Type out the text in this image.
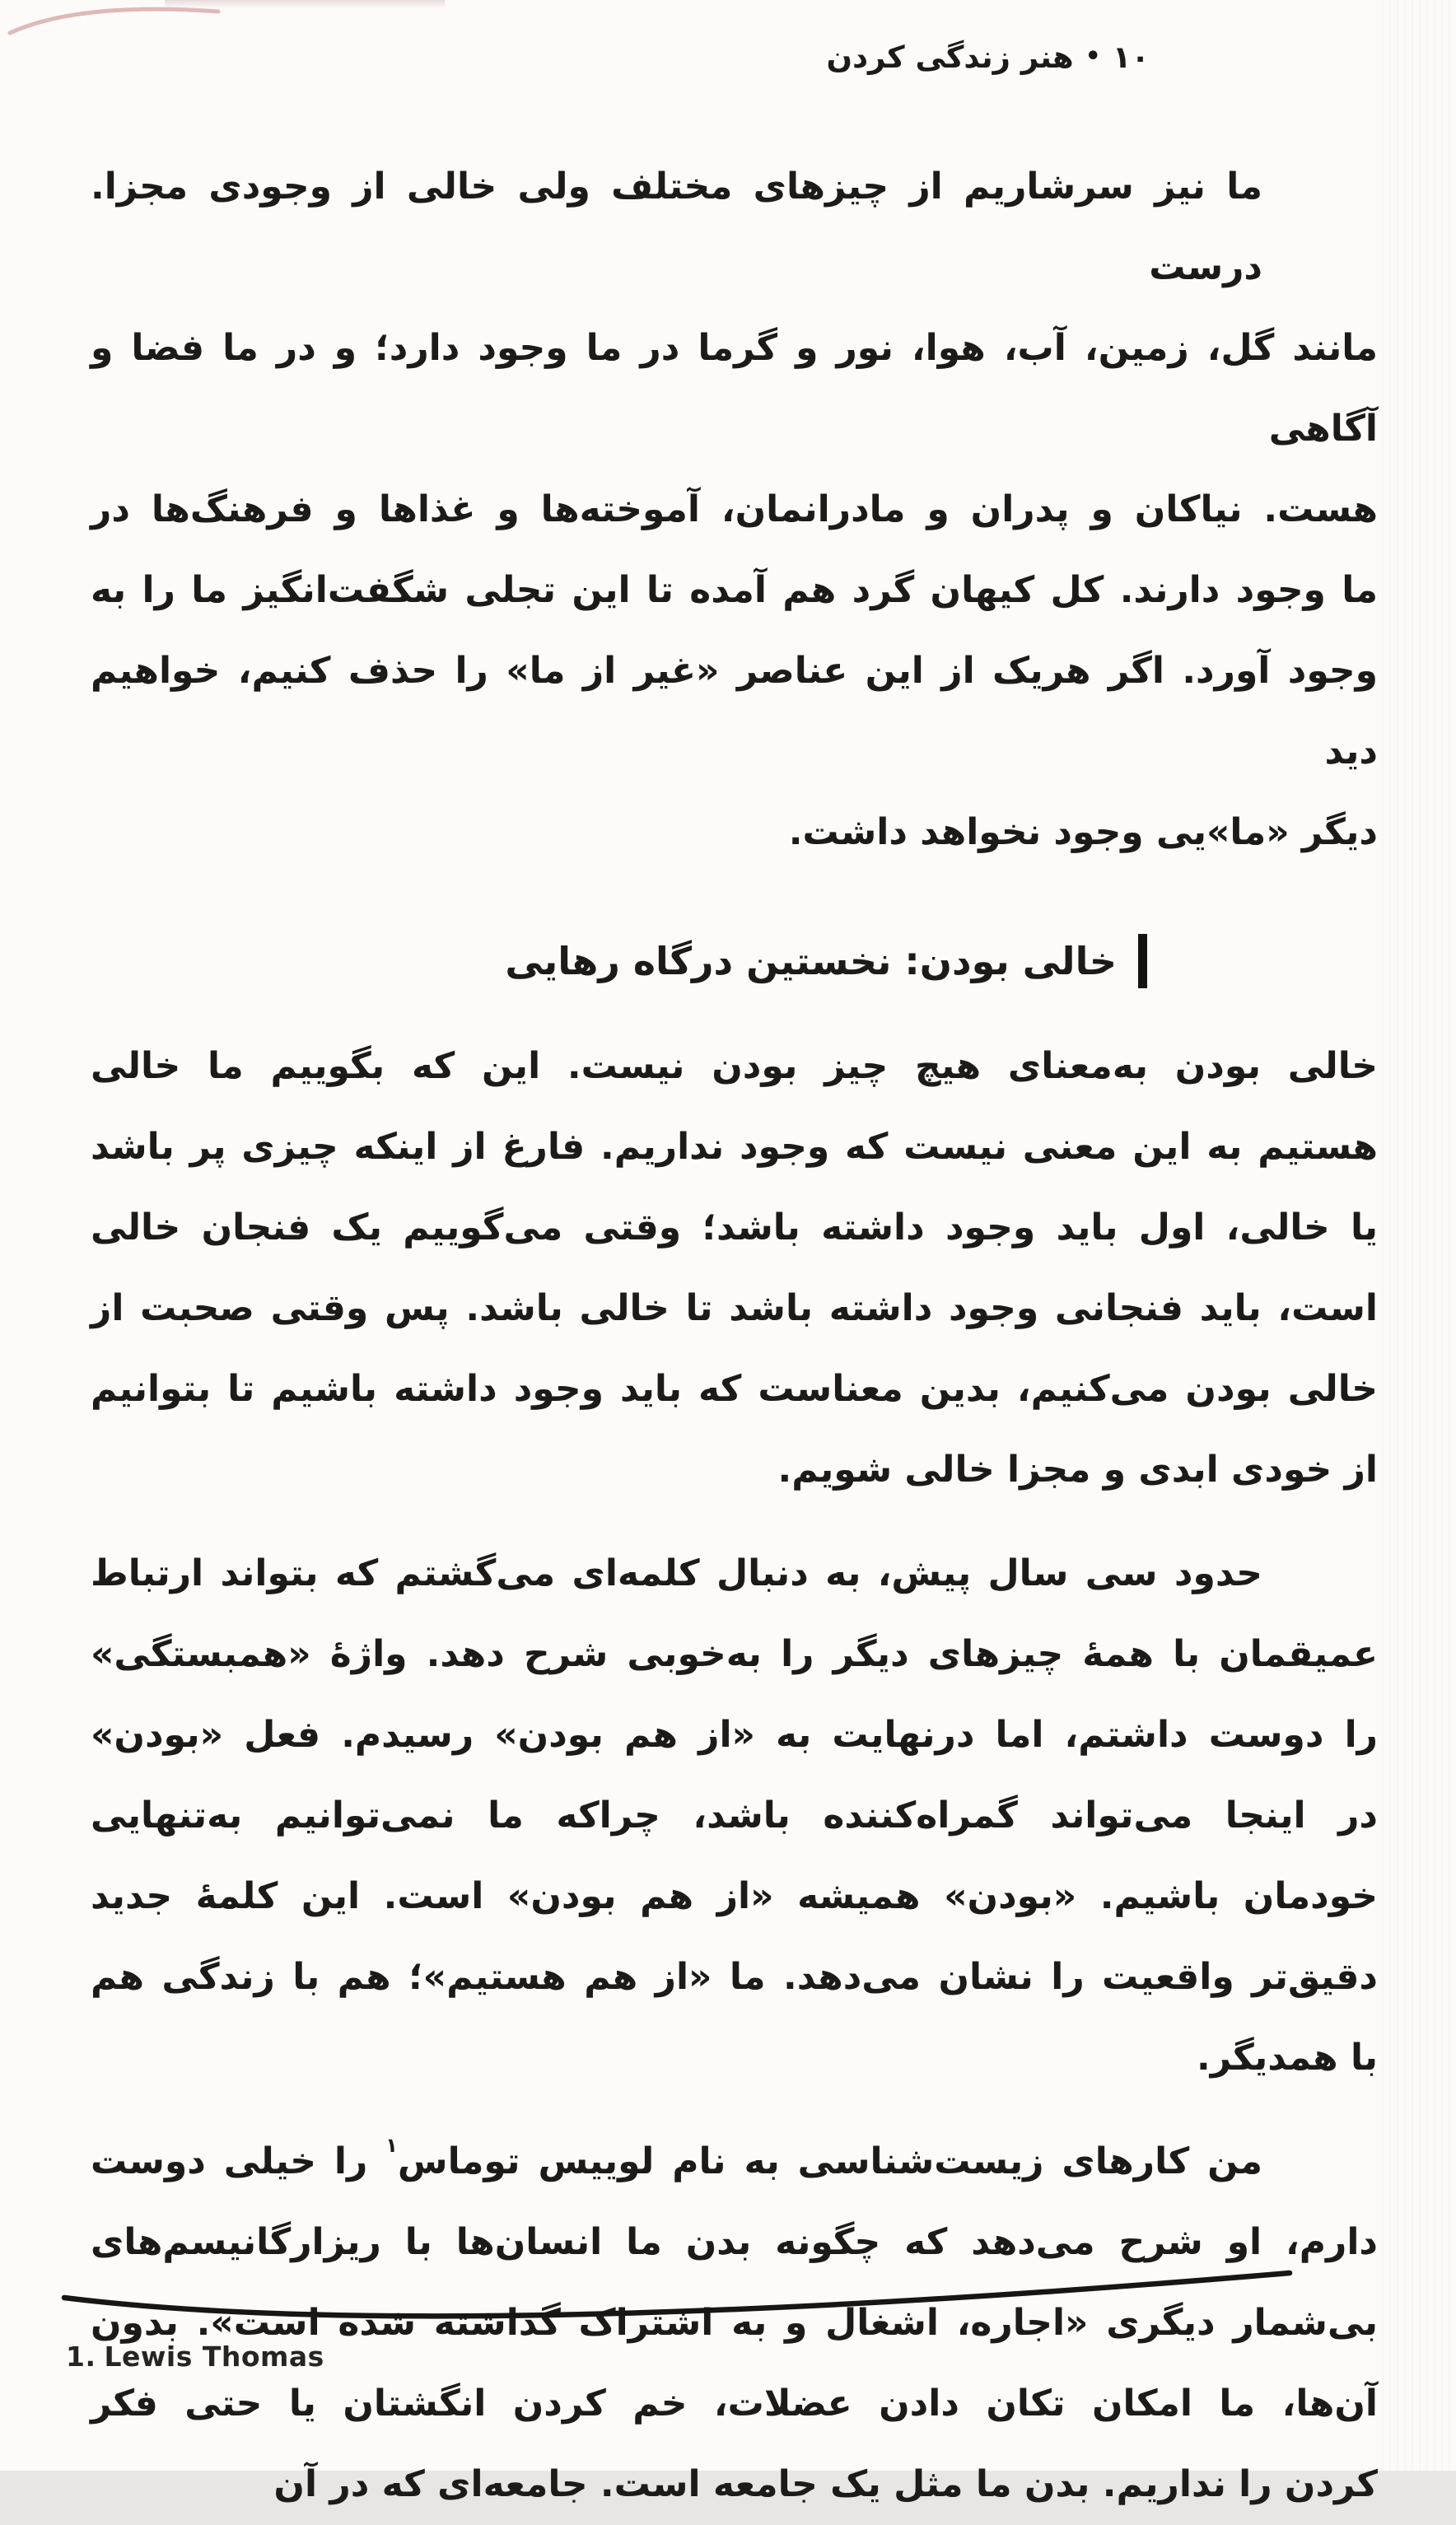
۱۰•هنر زندگی کردن
ما نیز سرشاریم از چیزهای مختلف ولی خالی از وجودی مجزا. درست
مانند گل، زمین، آب، هوا، نور و گرما در ما وجود دارد؛ و در ما فضا و آگاهی
هست. نیاکان و پدران و مادرانمان، آموخته‌ها و غذاها و فرهنگ‌ها در
ما وجود دارند. کل کیهان گرد هم آمده تا این تجلی شگفت‌انگیز ما را به
وجود آورد. اگر هریک از این عناصر «غیر از ما» را حذف کنیم، خواهیم دید
دیگر «ما»یی وجود نخواهد داشت.
خالی بودن: نخستین درگاه رهایی
خالی بودن به‌معنای هیچ چیز بودن نیست. این که بگوییم ما خالی
هستیم به این معنی نیست که وجود نداریم. فارغ از اینکه چیزی پر باشد
یا خالی، اول باید وجود داشته باشد؛ وقتی می‌گوییم یک فنجان خالی
است، باید فنجانی وجود داشته باشد تا خالی باشد. پس وقتی صحبت از
خالی بودن می‌کنیم، بدین معناست که باید وجود داشته باشیم تا بتوانیم
از خودی ابدی و مجزا خالی شویم.
حدود سی سال پیش، به دنبال کلمه‌ای می‌گشتم که بتواند ارتباط
عمیقمان با همهٔ چیزهای دیگر را به‌خوبی شرح دهد. واژهٔ «همبستگی»
را دوست داشتم، اما درنهایت به «از هم بودن» رسیدم. فعل «بودن»
در اینجا می‌تواند گمراه‌کننده باشد، چراکه ما نمی‌توانیم به‌تنهایی
خودمان باشیم. «بودن» همیشه «از هم بودن» است. این کلمهٔ جدید
دقیق‌تر واقعیت را نشان می‌دهد. ما «از هم هستیم»؛ هم با زندگی هم
با همدیگر.
من کارهای زیست‌شناسی به نام لوییس توماس$^۱$ را خیلی دوست
دارم، او شرح می‌دهد که چگونه بدن ما انسان‌ها با ریزارگانیسم‌های
بی‌شمار دیگری «اجاره، اشغال و به اشتراک گذاشته شده است». بدون
آن‌ها، ما امکان تکان دادن عضلات، خم کردن انگشتان یا حتی فکر
کردن را نداریم. بدن ما مثل یک جامعه است. جامعه‌ای که در آن
1. Lewis Thomas
